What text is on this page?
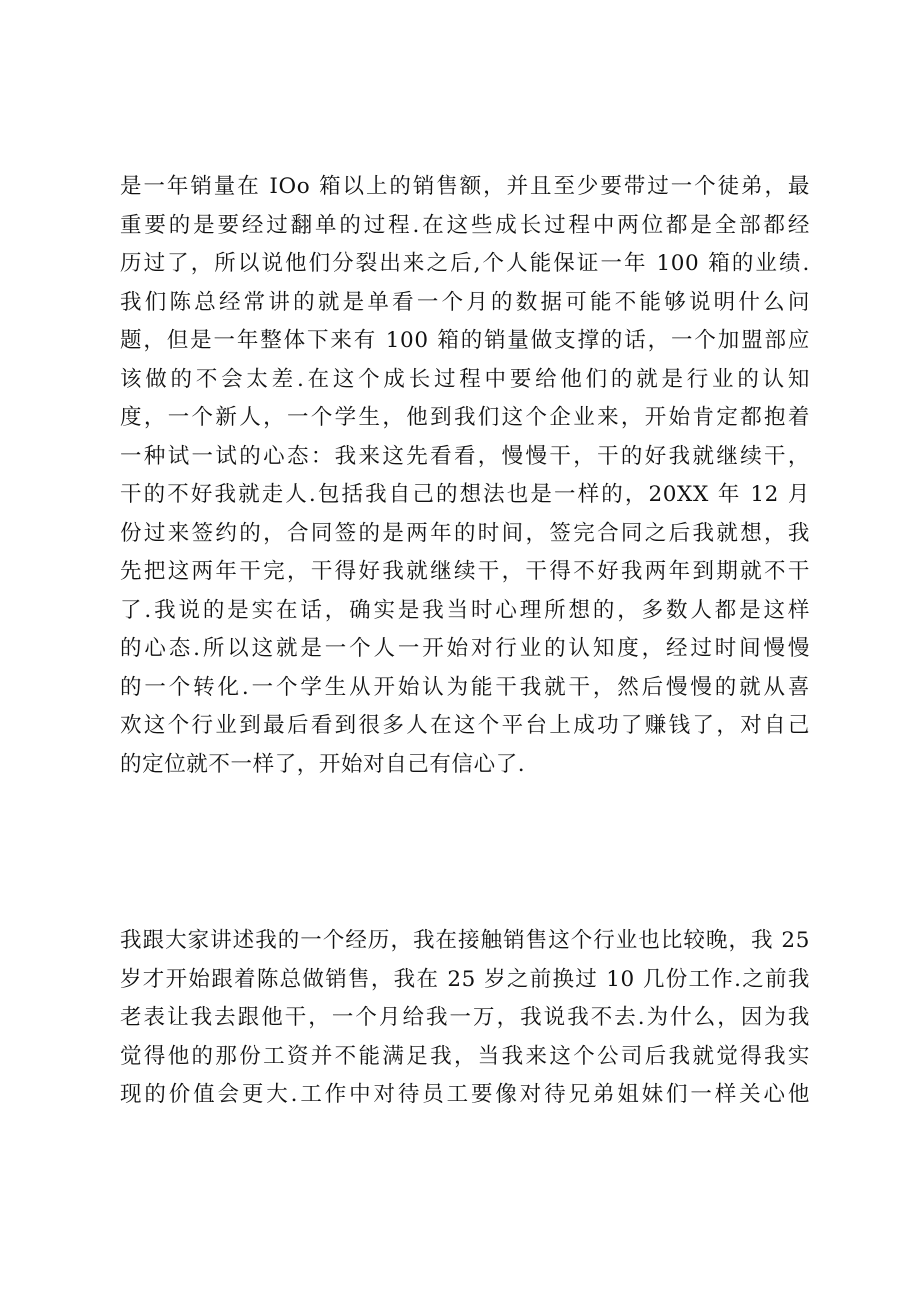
是一年销量在 IOo 箱以上的销售额，并且至少要带过一个徒弟，最
重要的是要经过翻单的过程.在这些成长过程中两位都是全部都经
历过了，所以说他们分裂出来之后,个人能保证一年 100 箱的业绩.
我们陈总经常讲的就是单看一个月的数据可能不能够说明什么问
题，但是一年整体下来有 100 箱的销量做支撑的话，一个加盟部应
该做的不会太差.在这个成长过程中要给他们的就是行业的认知
度，一个新人，一个学生，他到我们这个企业来，开始肯定都抱着
一种试一试的心态：我来这先看看，慢慢干，干的好我就继续干，
干的不好我就走人.包括我自己的想法也是一样的，20XX 年 12 月
份过来签约的，合同签的是两年的时间，签完合同之后我就想，我
先把这两年干完，干得好我就继续干，干得不好我两年到期就不干
了.我说的是实在话，确实是我当时心理所想的，多数人都是这样
的心态.所以这就是一个人一开始对行业的认知度，经过时间慢慢
的一个转化.一个学生从开始认为能干我就干，然后慢慢的就从喜
欢这个行业到最后看到很多人在这个平台上成功了赚钱了，对自己
的定位就不一样了，开始对自己有信心了.
我跟大家讲述我的一个经历，我在接触销售这个行业也比较晚，我 25
岁才开始跟着陈总做销售，我在 25 岁之前换过 10 几份工作.之前我
老表让我去跟他干，一个月给我一万，我说我不去.为什么，因为我
觉得他的那份工资并不能满足我，当我来这个公司后我就觉得我实
现的价值会更大.工作中对待员工要像对待兄弟姐妹们一样关心他
